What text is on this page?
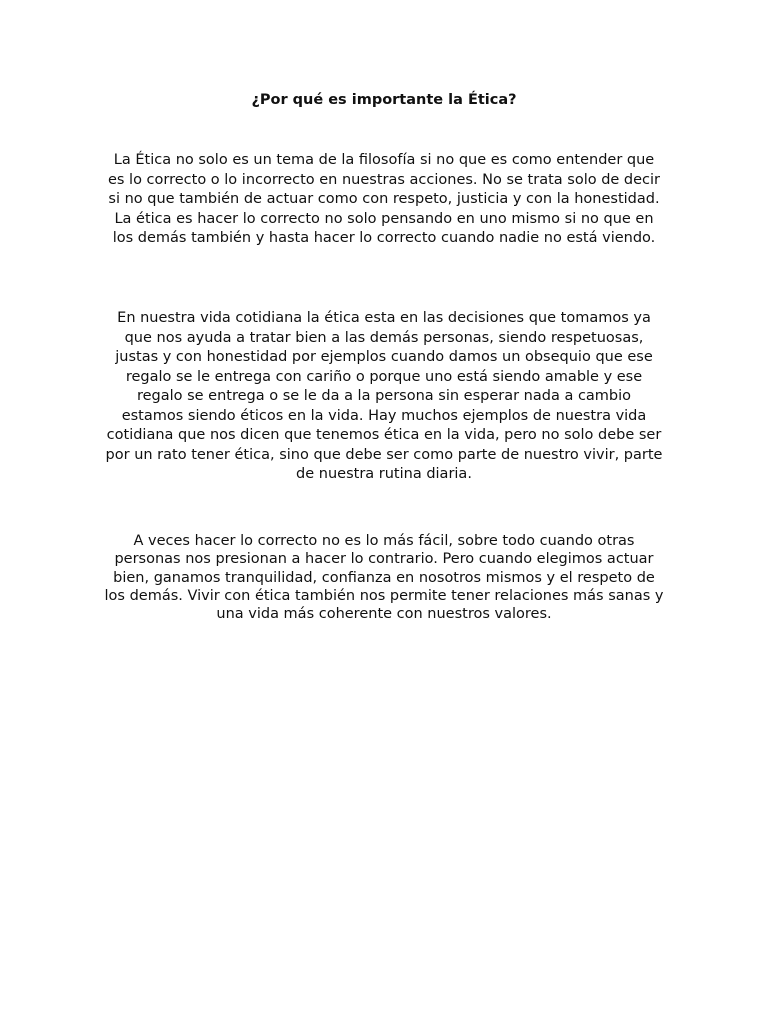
¿Por qué es importante la Ética?

La Ética no solo es un tema de la filosofía si no que es como entender que es lo correcto o lo incorrecto en nuestras acciones. No se trata solo de decir si no que también de actuar como con respeto, justicia y con la honestidad. La ética es hacer lo correcto no solo pensando en uno mismo si no que en los demás también y hasta hacer lo correcto cuando nadie no está viendo.

En nuestra vida cotidiana la ética esta en las decisiones que tomamos ya que nos ayuda a tratar bien a las demás personas, siendo respetuosas, justas y con honestidad por ejemplos cuando damos un obsequio que ese regalo se le entrega con cariño o porque uno está siendo amable y ese regalo se entrega o se le da a la persona sin esperar nada a cambio estamos siendo éticos en la vida. Hay muchos ejemplos de nuestra vida cotidiana que nos dicen que tenemos ética en la vida, pero no solo debe ser por un rato tener ética, sino que debe ser como parte de nuestro vivir, parte de nuestra rutina diaria.

A veces hacer lo correcto no es lo más fácil, sobre todo cuando otras personas nos presionan a hacer lo contrario. Pero cuando elegimos actuar bien, ganamos tranquilidad, confianza en nosotros mismos y el respeto de los demás. Vivir con ética también nos permite tener relaciones más sanas y una vida más coherente con nuestros valores.
